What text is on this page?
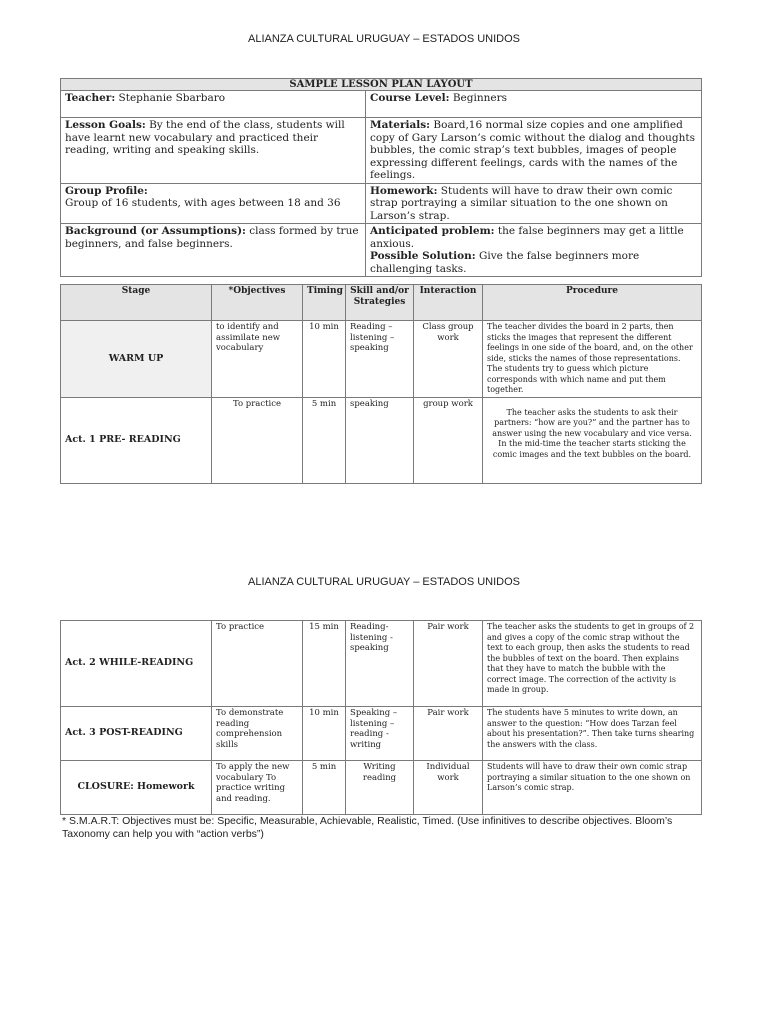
ALIANZA CULTURAL URUGUAY – ESTADOS UNIDOS
SAMPLE LESSON PLAN LAYOUT	
Teacher: Stephanie Sbarbaro	Course Level: Beginners
Lesson Goals: By the end of the class, students will have learnt new vocabulary and practiced their reading, writing and speaking skills.	Materials: Board,16 normal size copies and one amplified copy of Gary Larson’s comic without the dialog and thoughts bubbles, the comic strap’s text bubbles, images of people expressing different feelings, cards with the names of the feelings.
Group Profile:
Group of 16 students, with ages between 18 and 36	Homework: Students will have to draw their own comic strap portraying a similar situation to the one shown on Larson’s strap.
Background (or Assumptions): class formed by true beginners, and false beginners.	Anticipated problem: the false beginners may get a little anxious.
Possible Solution: Give the false beginners more challenging tasks.
Stage	*Objectives	Timing	Skill and/or Strategies	Interaction	Procedure
WARM UP	to identify and assimilate new vocabulary	10 min	Reading – listening – speaking	Class group work	The teacher divides the board in 2 parts, then sticks the images that represent the different feelings in one side of the board, and, on the other side, sticks the names of those representations. The students try to guess which picture corresponds with which name and put them together.
Act. 1 PRE- READING	To practice	5 min	speaking	group work	The teacher asks the students to ask their partners: “how are you?” and the partner has to answer using the new vocabulary and vice versa. In the mid-time the teacher starts sticking the comic images and the text bubbles on the board.
ALIANZA CULTURAL URUGUAY – ESTADOS UNIDOS
Act. 2 WHILE-READING	To practice	15 min	Reading- listening - speaking	Pair work	The teacher asks the students to get in groups of 2 and gives a copy of the comic strap without the text to each group, then asks the students to read the bubbles of text on the board. Then explains that they have to match the bubble with the correct image. The correction of the activity is made in group.
Act. 3 POST-READING	To demonstrate reading comprehension skills	10 min	Speaking – listening – reading - writing	Pair work	The students have 5 minutes to write down, an answer to the question: “How does Tarzan feel about his presentation?”. Then take turns shearing the answers with the class.
CLOSURE: Homework	To apply the new vocabulary To practice writing and reading.	5 min	Writing reading	Individual work	Students will have to draw their own comic strap portraying a similar situation to the one shown on Larson’s comic strap.
* S.M.A.R.T: Objectives must be: Specific, Measurable, Achievable, Realistic, Timed. (Use infinitives to describe objectives. Bloom’s Taxonomy can help you with “action verbs”)
